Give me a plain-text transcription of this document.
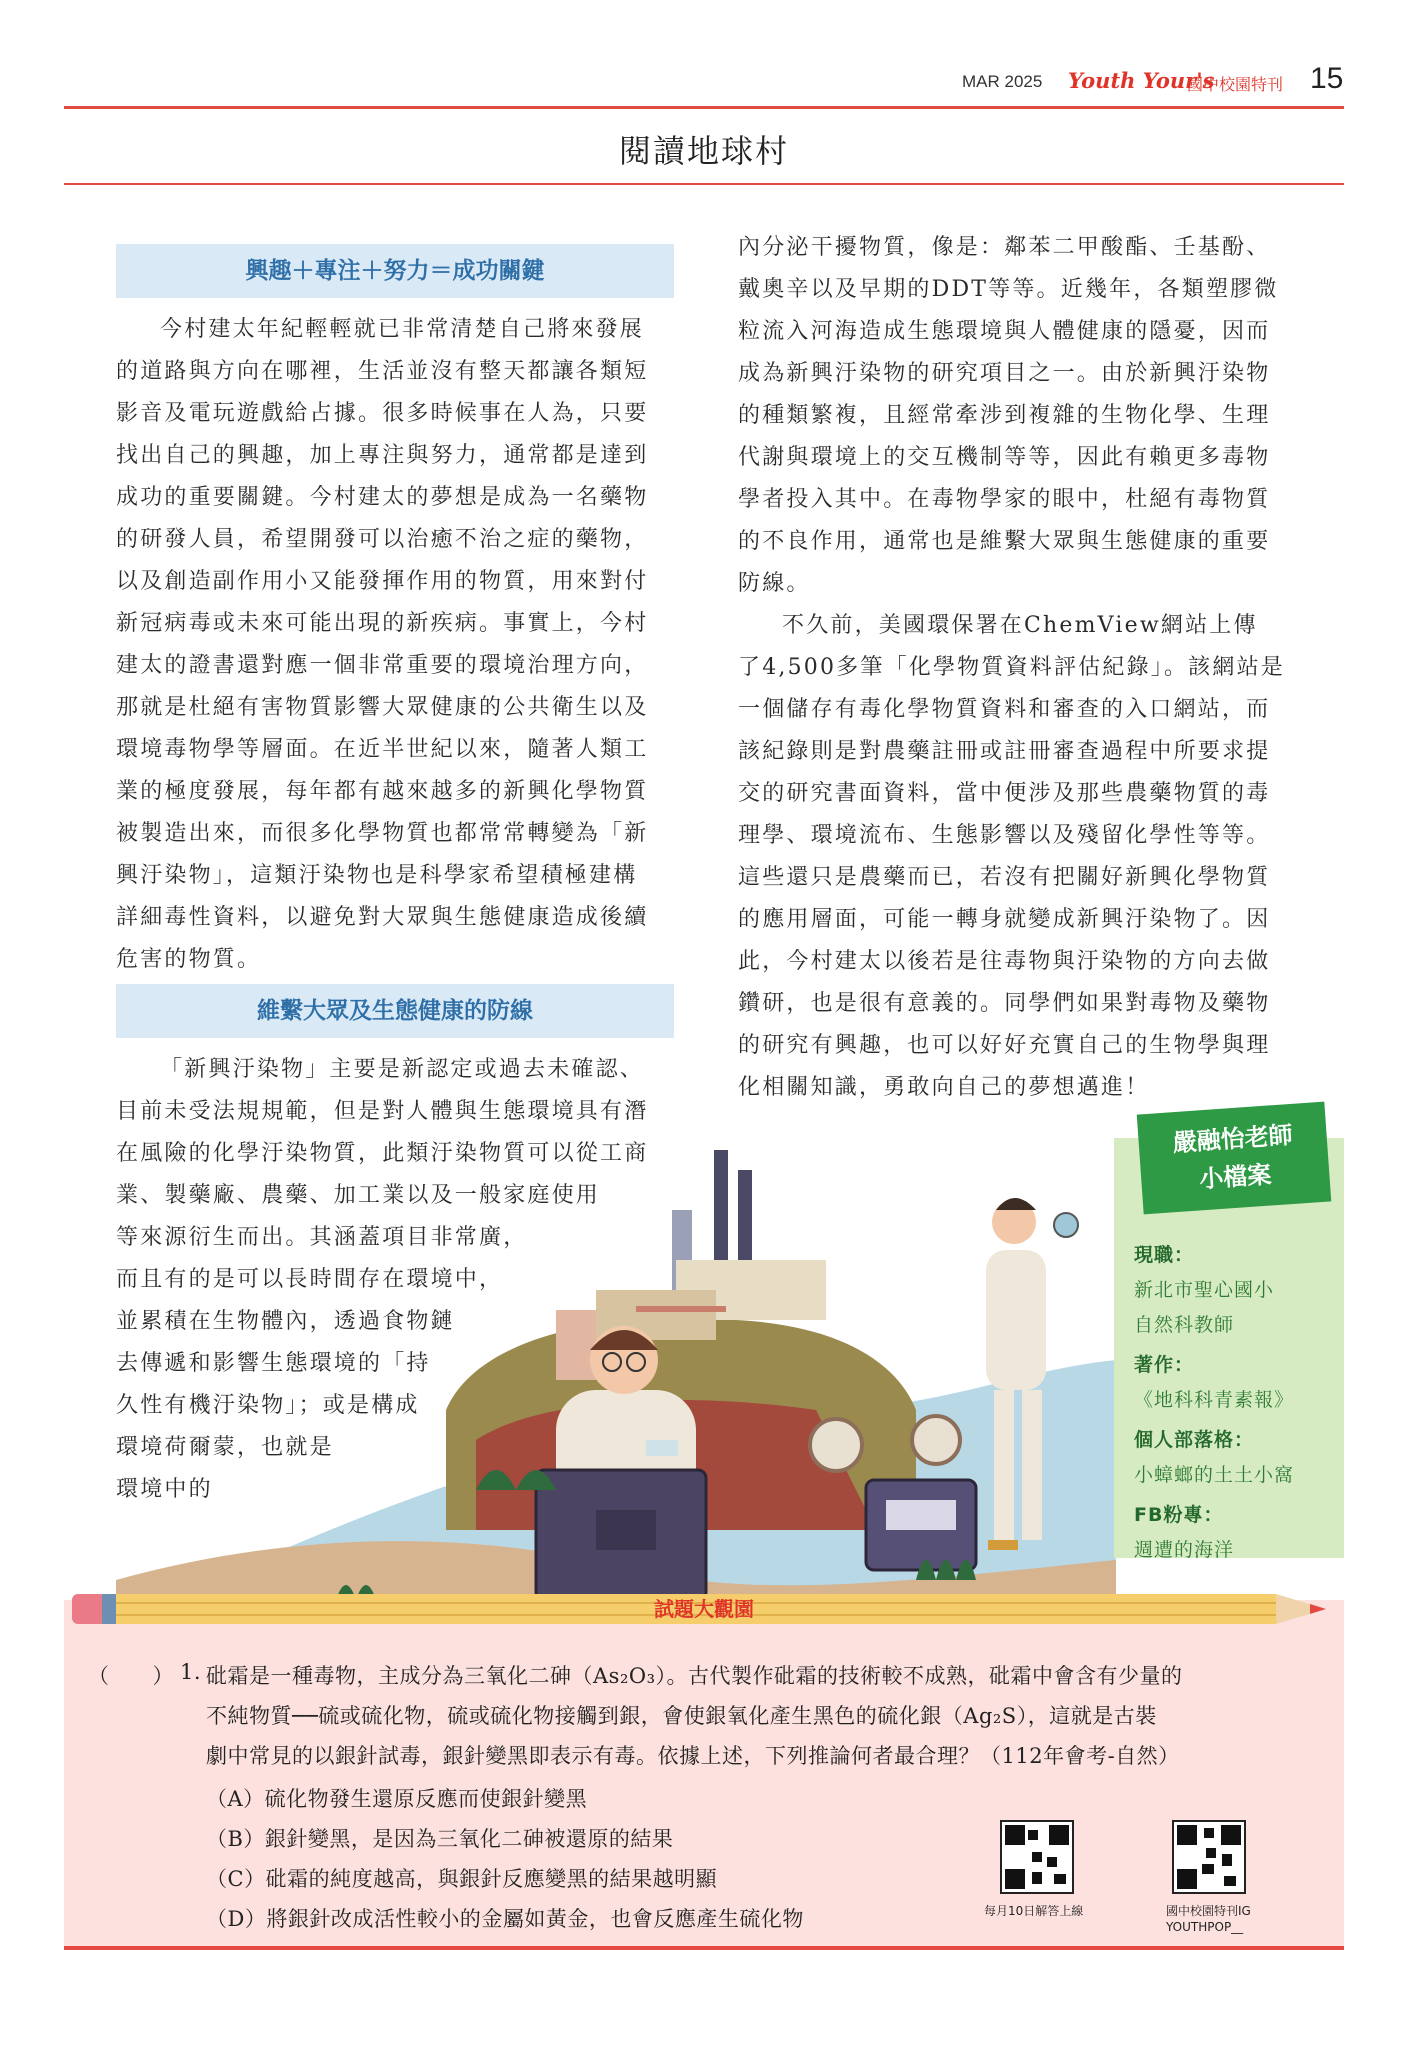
MAR 2025 Youth Your's
國中校園特刊 15
閱讀地球村
興趣＋專注＋努力＝成功關鍵
今村建太年紀輕輕就已非常清楚自己將來發展
的道路與方向在哪裡，生活並沒有整天都讓各類短
影音及電玩遊戲給占據。很多時候事在人為，只要
找出自己的興趣，加上專注與努力，通常都是達到
成功的重要關鍵。今村建太的夢想是成為一名藥物
的研發人員，希望開發可以治癒不治之症的藥物，
以及創造副作用小又能發揮作用的物質，用來對付
新冠病毒或未來可能出現的新疾病。事實上，今村
建太的證書還對應一個非常重要的環境治理方向，
那就是杜絕有害物質影響大眾健康的公共衛生以及
環境毒物學等層面。在近半世紀以來，隨著人類工
業的極度發展，每年都有越來越多的新興化學物質
被製造出來，而很多化學物質也都常常轉變為「新
興汙染物」，這類汙染物也是科學家希望積極建構
詳細毒性資料，以避免對大眾與生態健康造成後續
危害的物質。
維繫大眾及生態健康的防線
「新興汙染物」主要是新認定或過去未確認、
目前未受法規規範，但是對人體與生態環境具有潛
在風險的化學汙染物質，此類汙染物質可以從工商
業、製藥廠、農藥、加工業以及一般家庭使用
等來源衍生而出。其涵蓋項目非常廣，
而且有的是可以長時間存在環境中，
並累積在生物體內，透過食物鏈
去傳遞和影響生態環境的「持
久性有機汙染物」；或是構成
環境荷爾蒙，也就是
環境中的
內分泌干擾物質，像是：鄰苯二甲酸酯、壬基酚、
戴奧辛以及早期的DDT等等。近幾年，各類塑膠微
粒流入河海造成生態環境與人體健康的隱憂，因而
成為新興汙染物的研究項目之一。由於新興汙染物
的種類繁複，且經常牽涉到複雜的生物化學、生理
代謝與環境上的交互機制等等，因此有賴更多毒物
學者投入其中。在毒物學家的眼中，杜絕有毒物質
的不良作用，通常也是維繫大眾與生態健康的重要
防線。
不久前，美國環保署在ChemView網站上傳
了4,500多筆「化學物質資料評估紀錄」。該網站是
一個儲存有毒化學物質資料和審查的入口網站，而
該紀錄則是對農藥註冊或註冊審查過程中所要求提
交的研究書面資料，當中便涉及那些農藥物質的毒
理學、環境流布、生態影響以及殘留化學性等等。
這些還只是農藥而已，若沒有把關好新興化學物質
的應用層面，可能一轉身就變成新興汙染物了。因
此，今村建太以後若是往毒物與汙染物的方向去做
鑽研，也是很有意義的。同學們如果對毒物及藥物
的研究有興趣，也可以好好充實自己的生物學與理
化相關知識，勇敢向自己的夢想邁進！
嚴融怡老師
小檔案
現職：
新北市聖心國小
自然科教師
著作：
《地科科青素報》
個人部落格：
小蟑螂的土土小窩
FB粉專：
週遭的海洋
試題大觀園
（　　） 1. 砒霜是一種毒物，主成分為三氧化二砷（As₂O₃）。古代製作砒霜的技術較不成熟，砒霜中會含有少量的
不純物質──硫或硫化物，硫或硫化物接觸到銀，會使銀氧化產生黑色的硫化銀（Ag₂S），這就是古裝
劇中常見的以銀針試毒，銀針變黑即表示有毒。依據上述，下列推論何者最合理？（112年會考-自然）
（A）硫化物發生還原反應而使銀針變黑
（B）銀針變黑，是因為三氧化二砷被還原的結果
（C）砒霜的純度越高，與銀針反應變黑的結果越明顯
（D）將銀針改成活性較小的金屬如黃金，也會反應產生硫化物	每月10日解答上線	國中校園特刊IG
YOUTHPOP__
